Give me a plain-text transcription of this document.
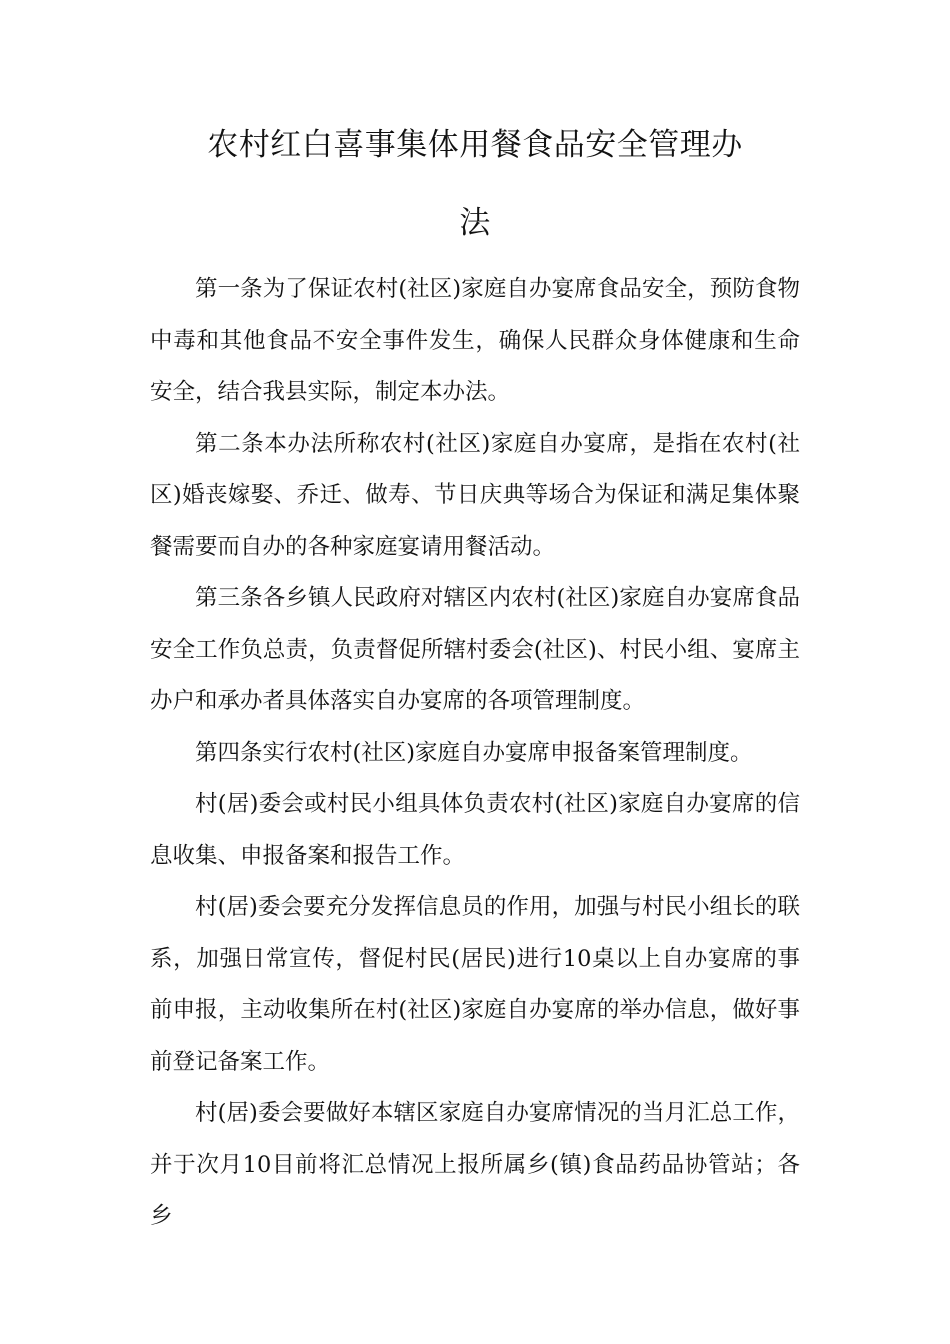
农村红白喜事集体用餐食品安全管理办
法

第一条为了保证农村(社区)家庭自办宴席食品安全，预防食物中毒和其他食品不安全事件发生，确保人民群众身体健康和生命安全，结合我县实际，制定本办法。

第二条本办法所称农村(社区)家庭自办宴席，是指在农村(社区)婚丧嫁娶、乔迁、做寿、节日庆典等场合为保证和满足集体聚餐需要而自办的各种家庭宴请用餐活动。

第三条各乡镇人民政府对辖区内农村(社区)家庭自办宴席食品安全工作负总责，负责督促所辖村委会(社区)、村民小组、宴席主办户和承办者具体落实自办宴席的各项管理制度。

第四条实行农村(社区)家庭自办宴席申报备案管理制度。

村(居)委会或村民小组具体负责农村(社区)家庭自办宴席的信息收集、申报备案和报告工作。

村(居)委会要充分发挥信息员的作用，加强与村民小组长的联系，加强日常宣传，督促村民(居民)进行10桌以上自办宴席的事前申报，主动收集所在村(社区)家庭自办宴席的举办信息，做好事前登记备案工作。

村(居)委会要做好本辖区家庭自办宴席情况的当月汇总工作，并于次月10目前将汇总情况上报所属乡(镇)食品药品协管站；各乡
